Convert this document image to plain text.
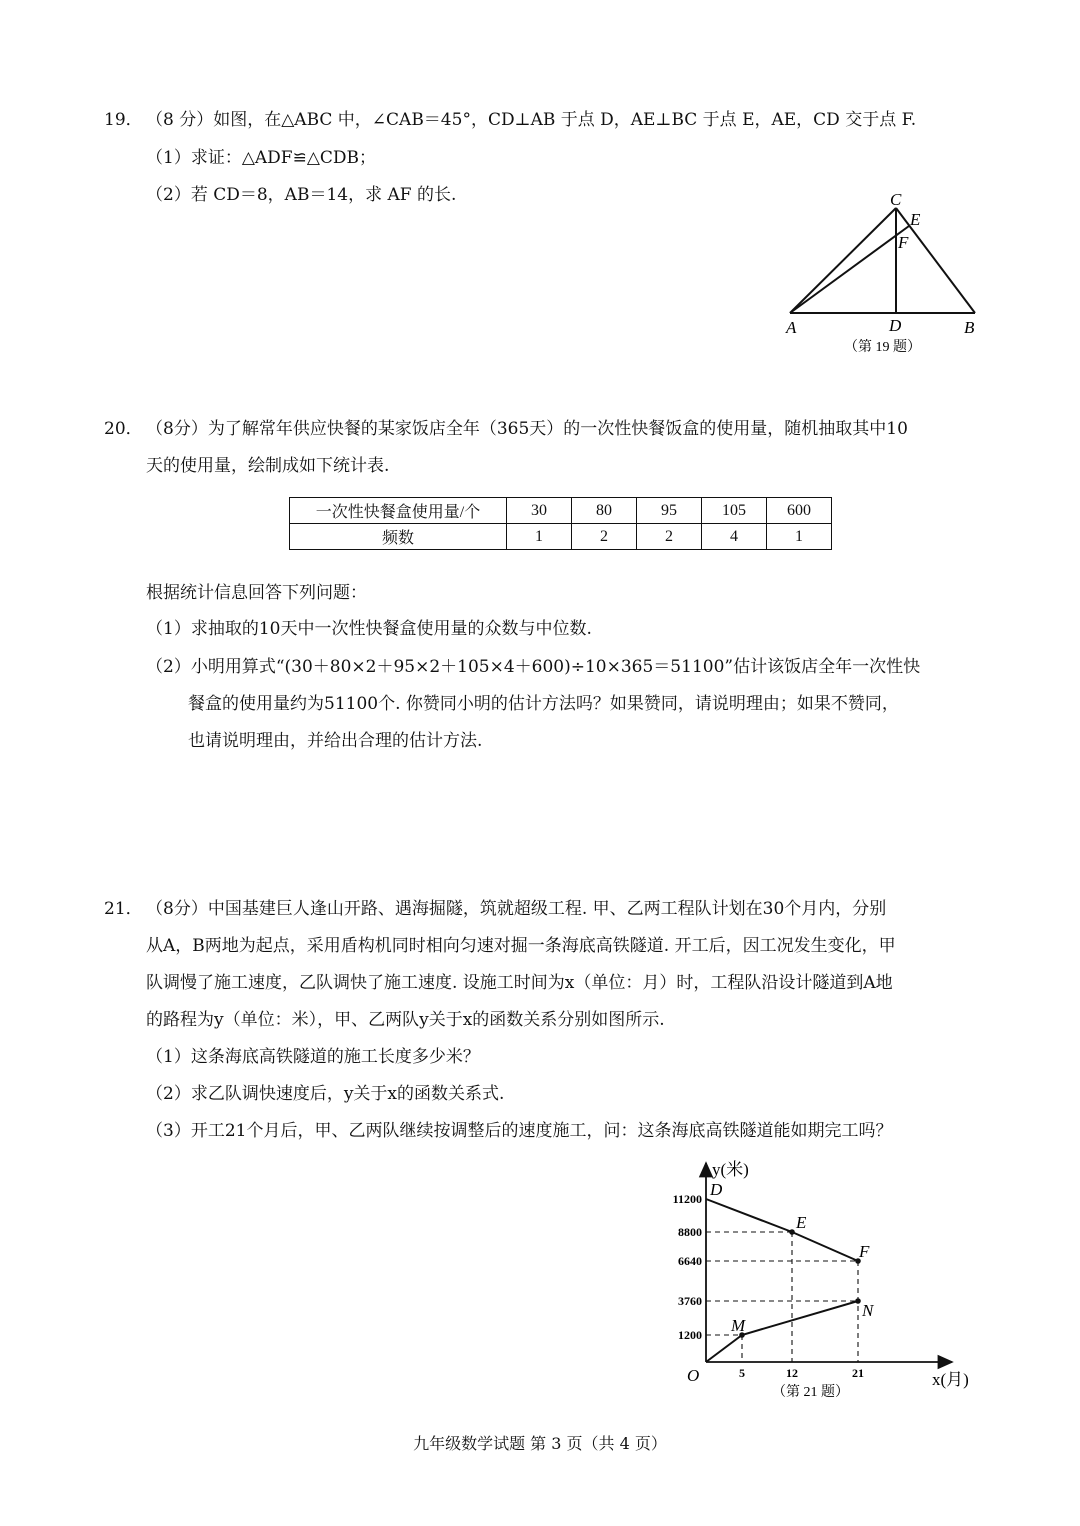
19． （8 分）如图，在△ABC 中，∠CAB＝45°，CD⊥AB 于点 D，AE⊥BC 于点 E，AE，CD 交于点 F.
（1）求证：△ADF≌△CDB；
（2）若 CD＝8，AB＝14，求 AF 的长.	C
E
F
A	D	B
（第 19 题）
20． （8分）为了解常年供应快餐的某家饭店全年（365天）的一次性快餐饭盒的使用量，随机抽取其中10
天的使用量，绘制成如下统计表.
一次性快餐盒使用量/个	30	80	95	105	600
频数	1	2	2	4	1
根据统计信息回答下列问题：
（1）求抽取的10天中一次性快餐盒使用量的众数与中位数.
（2）小明用算式“(30＋80×2＋95×2＋105×4＋600)÷10×365＝51100”估计该饭店全年一次性快
餐盒的使用量约为51100个. 你赞同小明的估计方法吗？如果赞同，请说明理由；如果不赞同，
也请说明理由，并给出合理的估计方法.
21． （8分）中国基建巨人逢山开路、遇海掘隧，筑就超级工程. 甲、乙两工程队计划在30个月内，分别
从A，B两地为起点，采用盾构机同时相向匀速对掘一条海底高铁隧道. 开工后，因工况发生变化，甲
队调慢了施工速度，乙队调快了施工速度. 设施工时间为x（单位：月）时，工程队沿设计隧道到A地
的路程为y（单位：米），甲、乙两队y关于x的函数关系分别如图所示.
（1）这条海底高铁隧道的施工长度多少米？
（2）求乙队调快速度后，y关于x的函数关系式.
（3）开工21个月后，甲、乙两队继续按调整后的速度施工，问：这条海底高铁隧道能如期完工吗？
y(米)
x(月)
O
11200
8800
6640
3760
1200
5	12	21
D
E
F
M
N
（第 21 题）
九年级数学试题 第 3 页（共 4 页）
